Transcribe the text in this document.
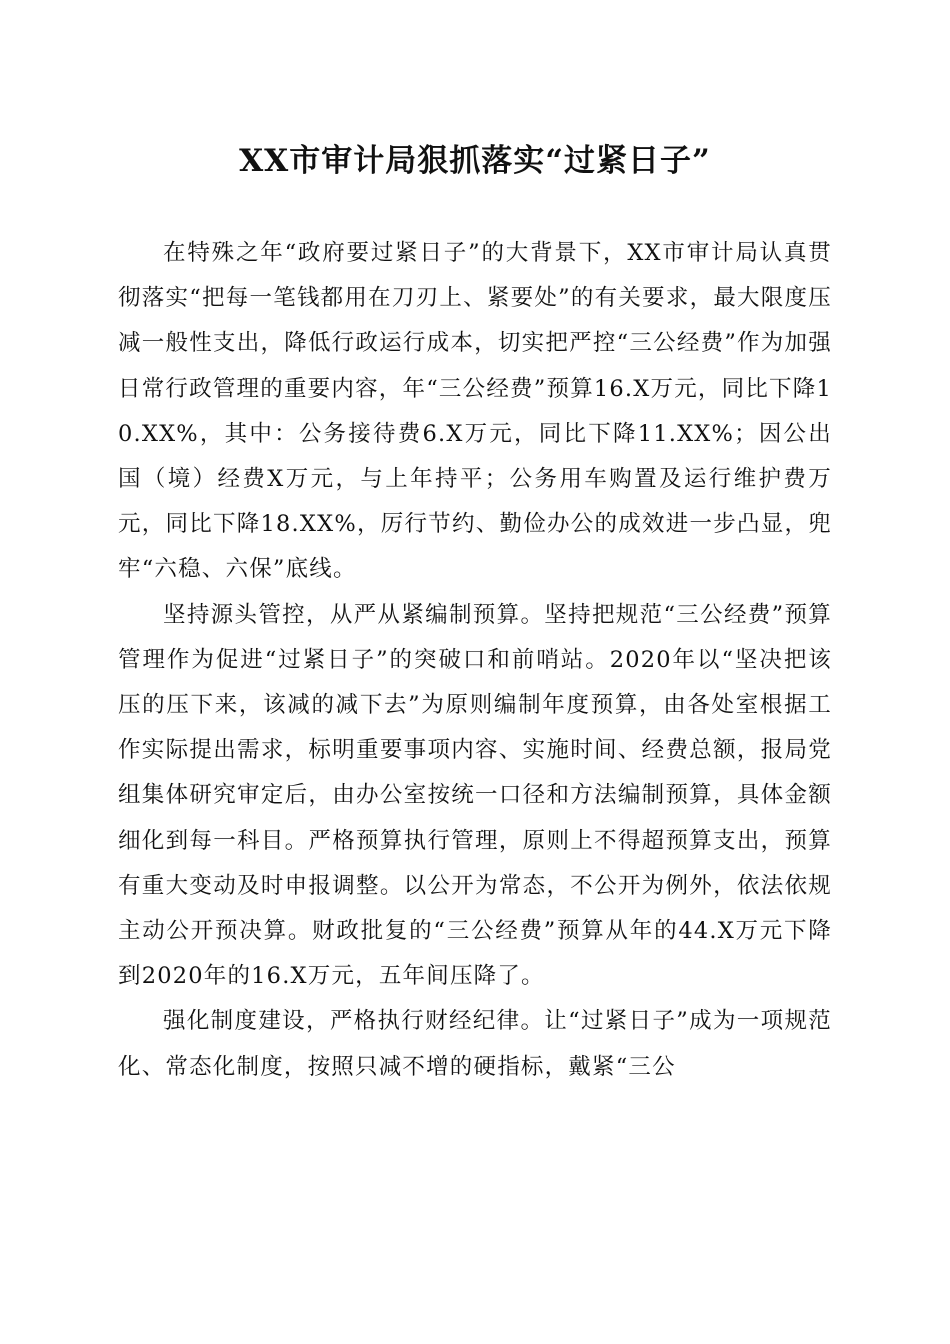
XX市审计局狠抓落实“过紧日子”

在特殊之年“政府要过紧日子”的大背景下，XX市审计局认真贯彻落实“把每一笔钱都用在刀刃上、紧要处”的有关要求，最大限度压减一般性支出，降低行政运行成本，切实把严控“三公经费”作为加强日常行政管理的重要内容，年“三公经费”预算16.X万元，同比下降10.XX%，其中：公务接待费6.X万元，同比下降11.XX%；因公出国（境）经费X万元，与上年持平；公务用车购置及运行维护费万元，同比下降18.XX%，厉行节约、勤俭办公的成效进一步凸显，兜牢“六稳、六保”底线。

坚持源头管控，从严从紧编制预算。坚持把规范“三公经费”预算管理作为促进“过紧日子”的突破口和前哨站。2020年以“坚决把该压的压下来，该减的减下去”为原则编制年度预算，由各处室根据工作实际提出需求，标明重要事项内容、实施时间、经费总额，报局党组集体研究审定后，由办公室按统一口径和方法编制预算，具体金额细化到每一科目。严格预算执行管理，原则上不得超预算支出，预算有重大变动及时申报调整。以公开为常态，不公开为例外，依法依规主动公开预决算。财政批复的“三公经费”预算从年的44.X万元下降到2020年的16.X万元，五年间压降了。

强化制度建设，严格执行财经纪律。让“过紧日子”成为一项规范化、常态化制度，按照只减不增的硬指标，戴紧“三公
